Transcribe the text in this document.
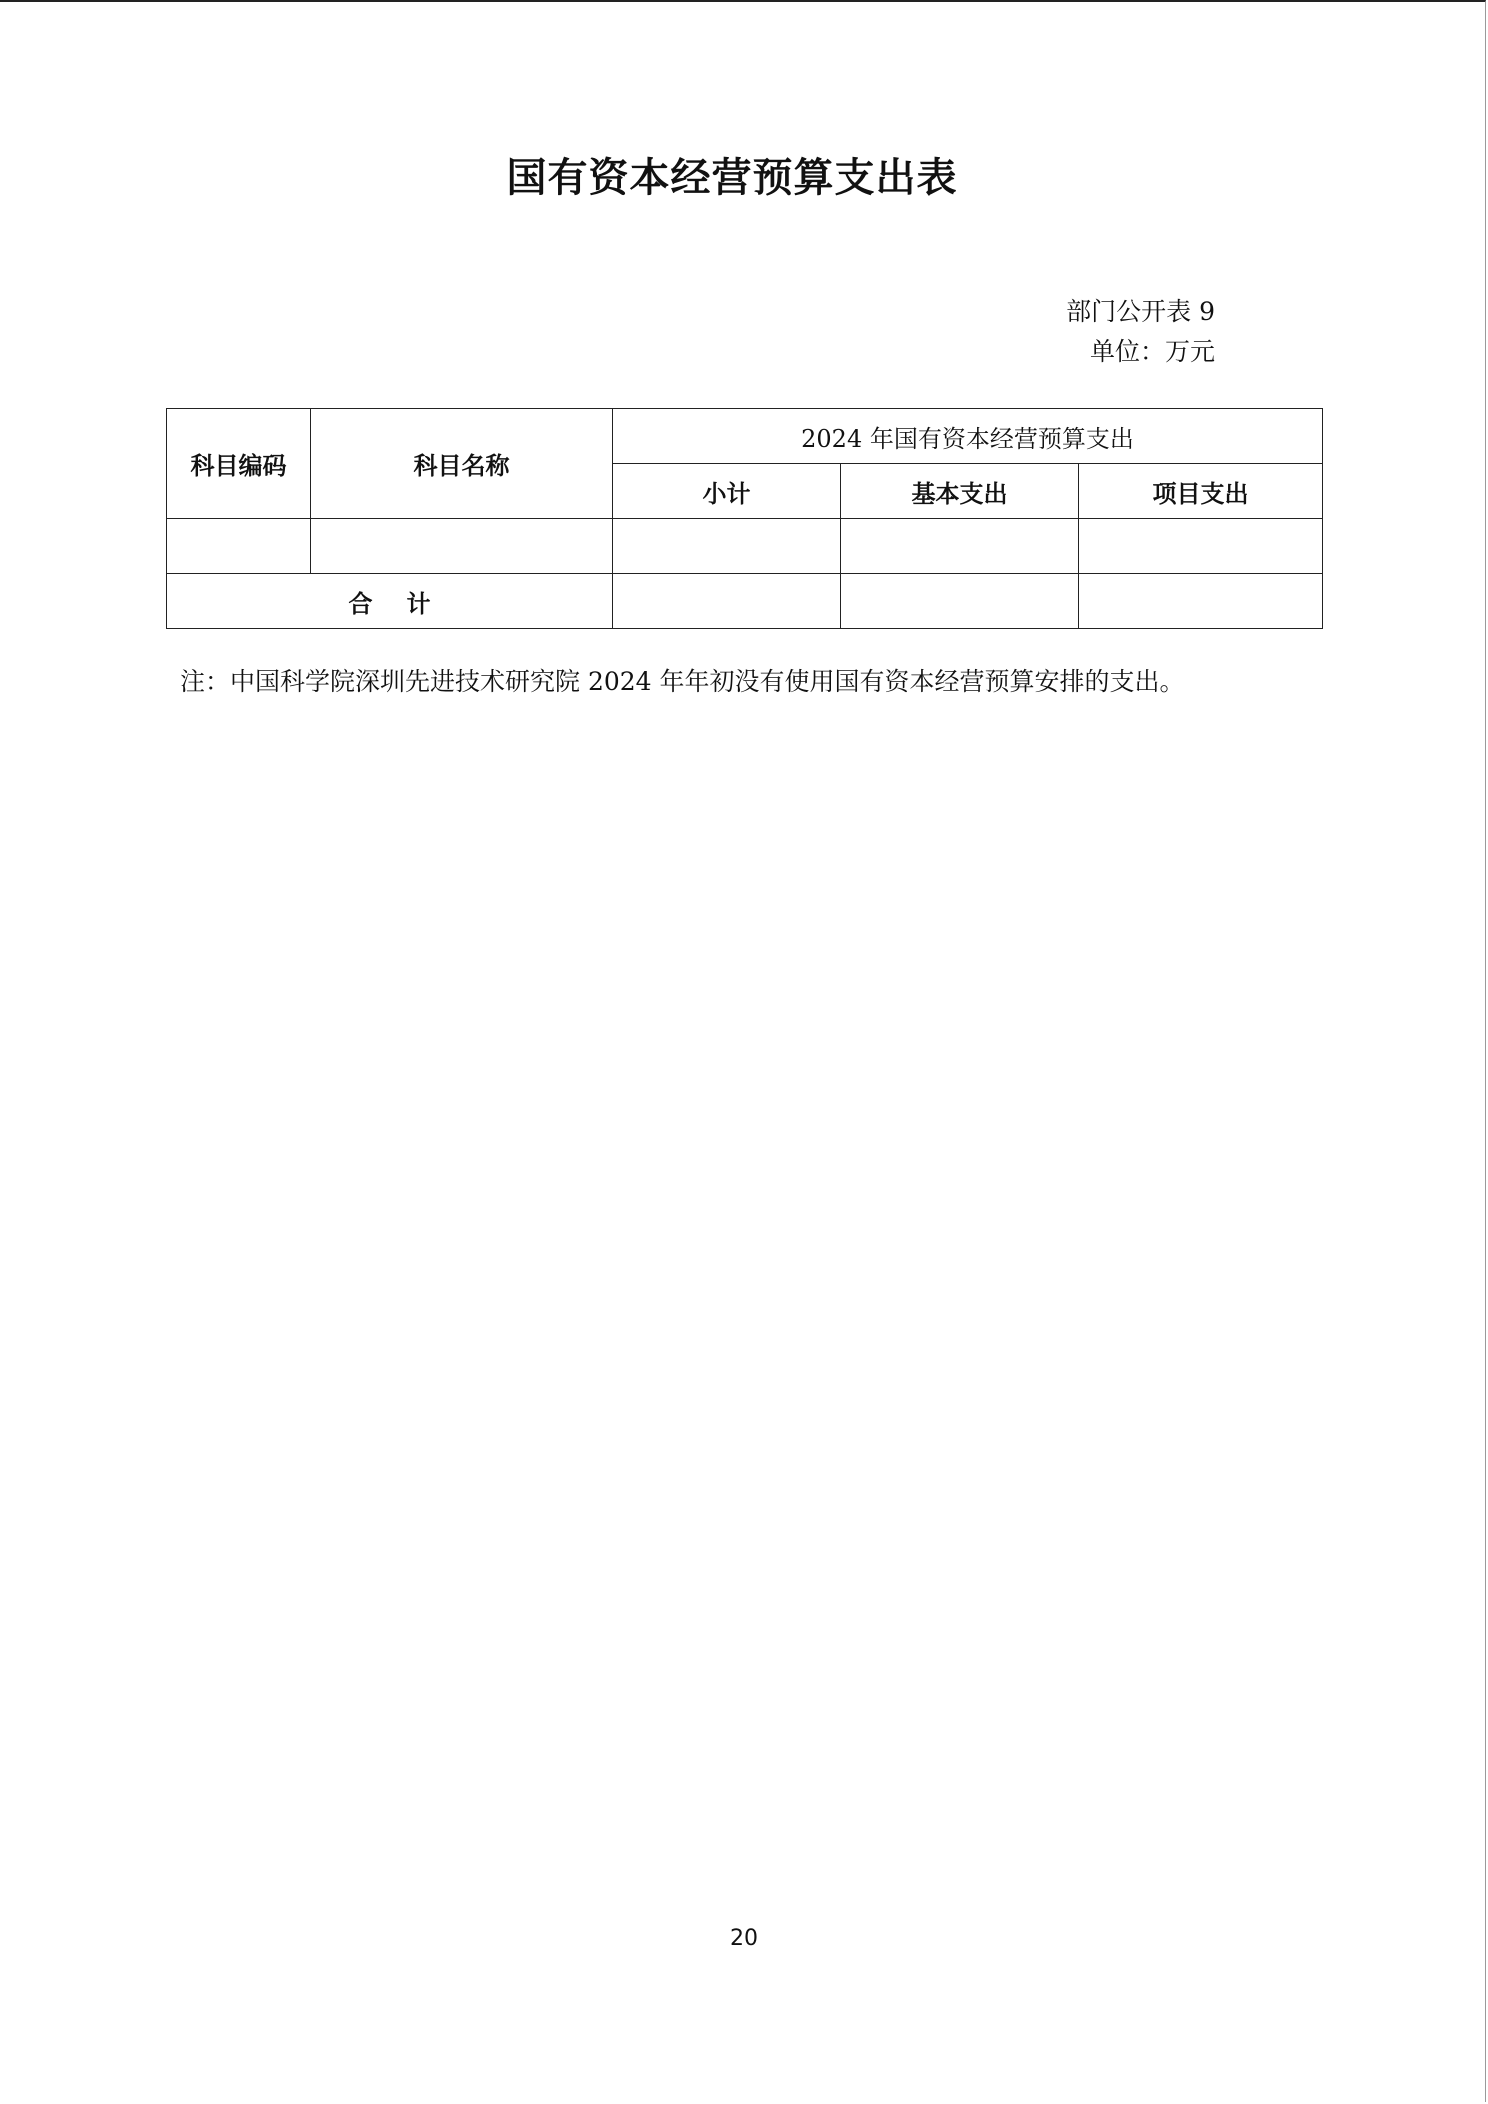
国有资本经营预算支出表
部门公开表 9
单位：万元
科目编码	科目名称	2024 年国有资本经营预算支出		
		小计	基本支出	项目支出

合计				
注：中国科学院深圳先进技术研究院 2024 年年初没有使用国有资本经营预算安排的支出。
20
